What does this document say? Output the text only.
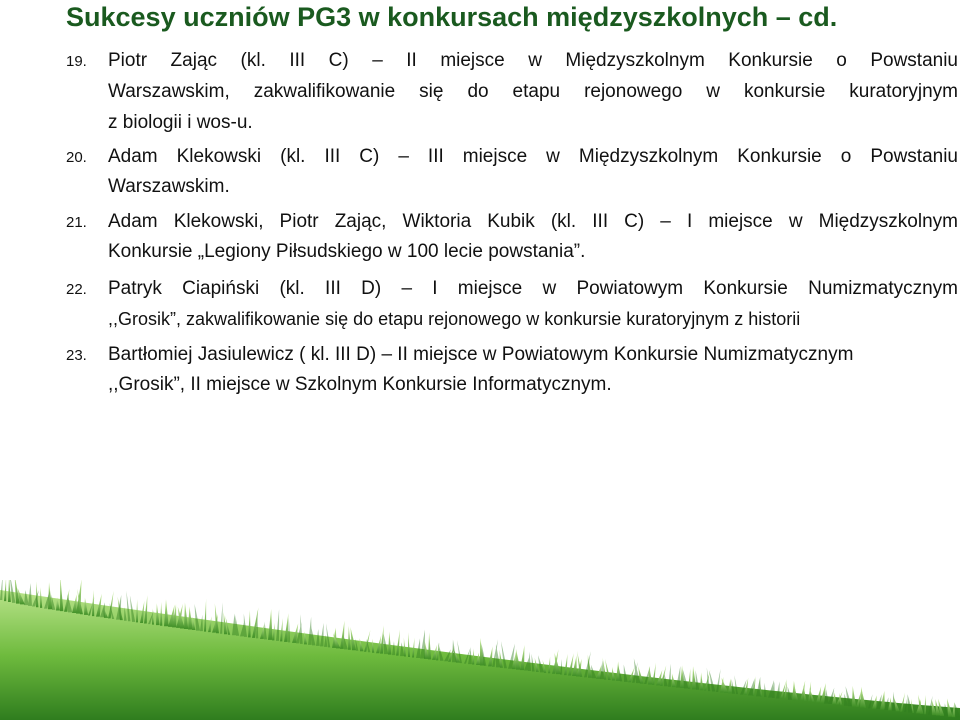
Sukcesy uczniów PG3 w konkursach międzyszkolnych – cd.
19. Piotr Zając (kl. III C) – II miejsce w Międzyszkolnym Konkursie o Powstaniu
Warszawskim, zakwalifikowanie się do etapu rejonowego w konkursie kuratoryjnym
z biologii i wos-u.
20. Adam Klekowski (kl. III C) – III miejsce w Międzyszkolnym Konkursie o Powstaniu
Warszawskim.
21. Adam Klekowski, Piotr Zając, Wiktoria Kubik (kl. III C) – I miejsce w Międzyszkolnym
Konkursie „Legiony Piłsudskiego w 100 lecie powstania”.
22. Patryk Ciapiński (kl. III D) – I miejsce w Powiatowym Konkursie Numizmatycznym
,,Grosik”, zakwalifikowanie się do etapu rejonowego w konkursie kuratoryjnym z historii
23. Bartłomiej Jasiulewicz ( kl. III D) – II miejsce w Powiatowym Konkursie Numizmatycznym
,,Grosik”, II miejsce w Szkolnym Konkursie Informatycznym.
